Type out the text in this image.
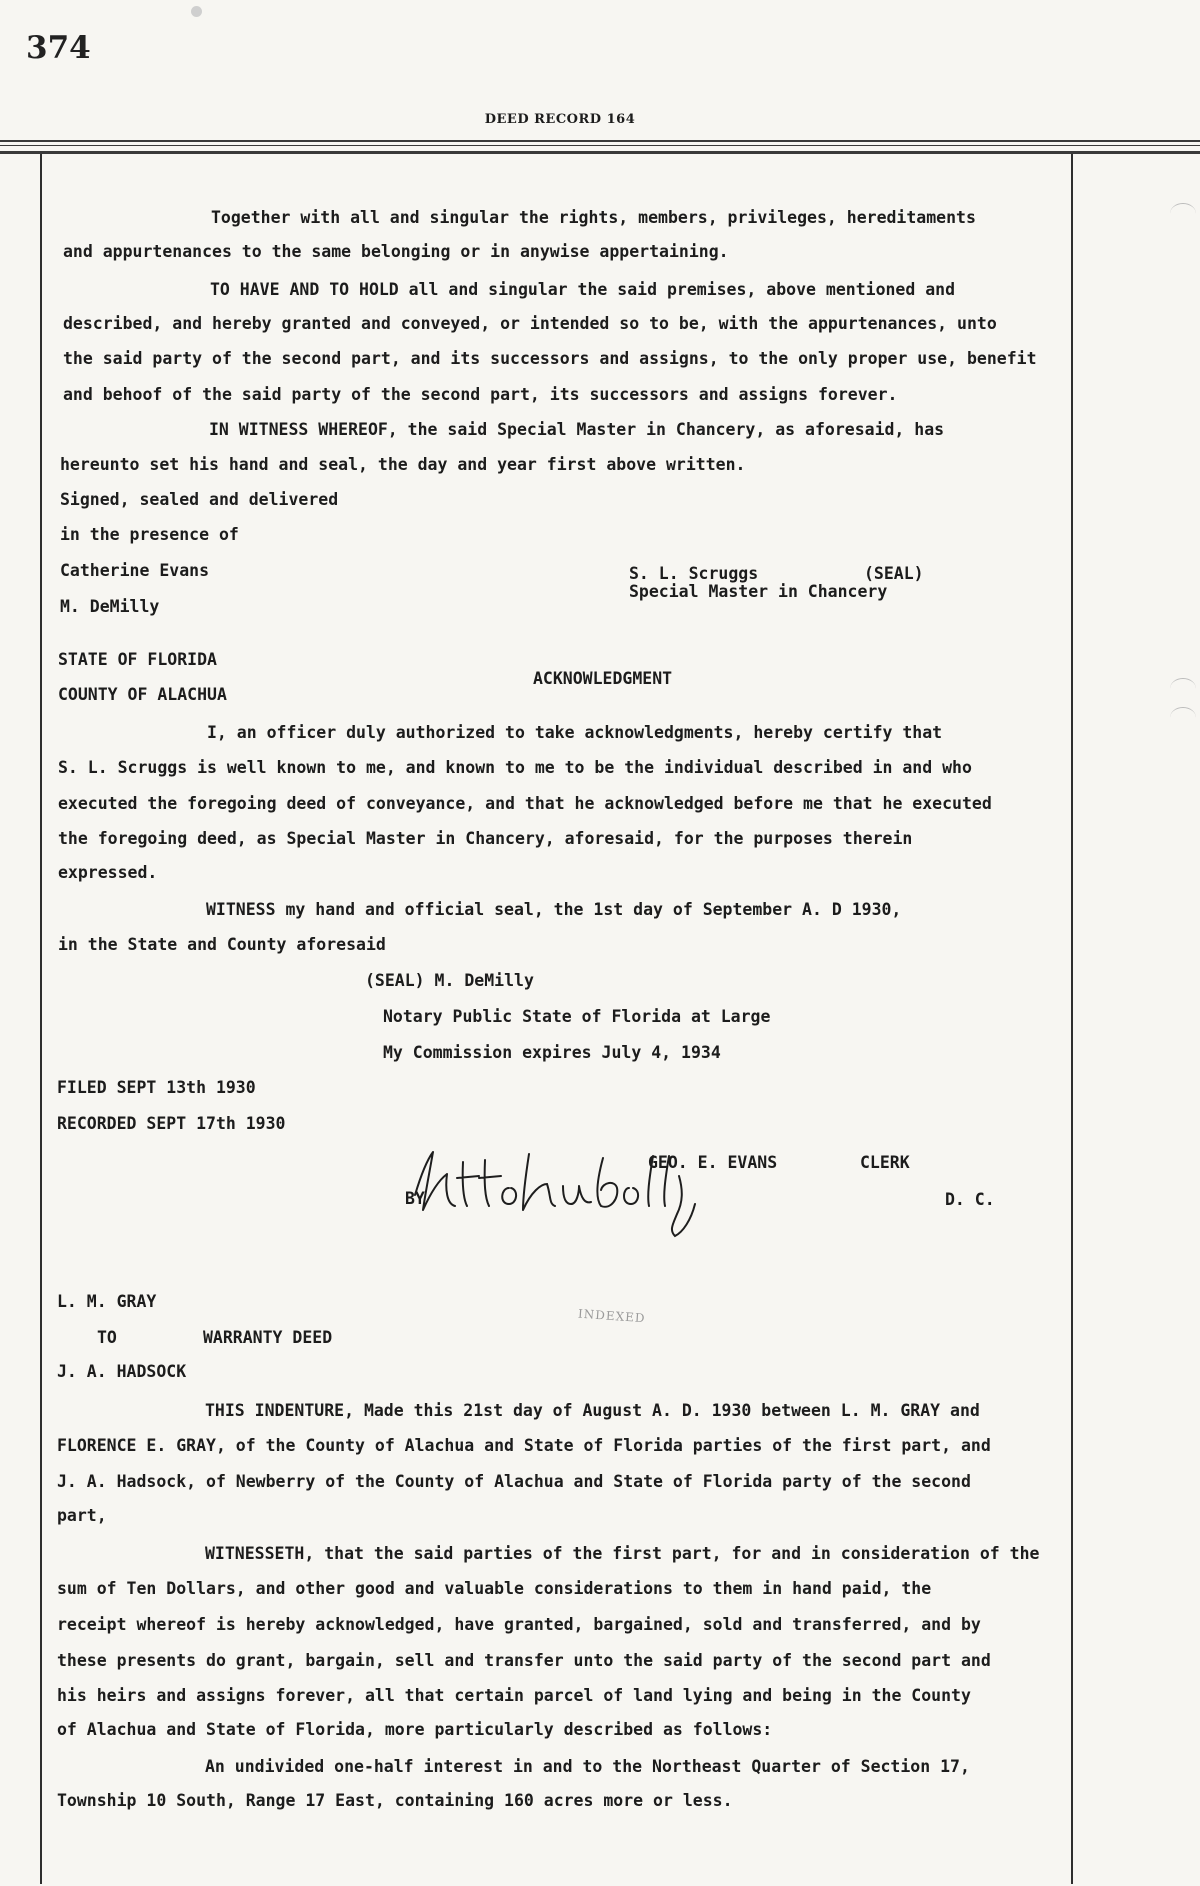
374
DEED RECORD 164
Together with all and singular the rights, members, privileges, hereditaments
and appurtenances to the same belonging or in anywise appertaining.
TO HAVE AND TO HOLD all and singular the said premises, above mentioned and
described, and hereby granted and conveyed, or intended so to be, with the appurtenances, unto
the said party of the second part, and its successors and assigns, to the only proper use, benefit
and behoof of the said party of the second part, its successors and assigns forever.
IN WITNESS WHEREOF, the said Special Master in Chancery, as aforesaid, has
hereunto set his hand and seal, the day and year first above written.
Signed, sealed and delivered
in the presence of
Catherine Evans
M. DeMilly
S. L. Scruggs	(SEAL)
Special Master in Chancery
STATE OF FLORIDA
ACKNOWLEDGMENT
COUNTY OF ALACHUA
I, an officer duly authorized to take acknowledgments, hereby certify that
S. L. Scruggs is well known to me, and known to me to be the individual described in and who
executed the foregoing deed of conveyance, and that he acknowledged before me that he executed
the foregoing deed, as Special Master in Chancery, aforesaid, for the purposes therein
expressed.
WITNESS my hand and official seal, the 1st day of September A. D 1930,
in the State and County aforesaid
(SEAL) M. DeMilly
Notary Public State of Florida at Large
My Commission expires July 4, 1934
FILED SEPT 13th 1930
RECORDED SEPT 17th 1930
GEO. E. EVANS	CLERK
BY	D. C.
L. M. GRAY
TO	WARRANTY DEED
INDEXED
J. A. HADSOCK
THIS INDENTURE, Made this 21st day of August A. D. 1930 between L. M. GRAY and
FLORENCE E. GRAY, of the County of Alachua and State of Florida parties of the first part, and
J. A. Hadsock, of Newberry of the County of Alachua and State of Florida party of the second
part,
WITNESSETH, that the said parties of the first part, for and in consideration of the
sum of Ten Dollars, and other good and valuable considerations to them in hand paid, the
receipt whereof is hereby acknowledged, have granted, bargained, sold and transferred, and by
these presents do grant, bargain, sell and transfer unto the said party of the second part and
his heirs and assigns forever, all that certain parcel of land lying and being in the County
of Alachua and State of Florida, more particularly described as follows:
An undivided one-half interest in and to the Northeast Quarter of Section 17,
Township 10 South, Range 17 East, containing 160 acres more or less.
